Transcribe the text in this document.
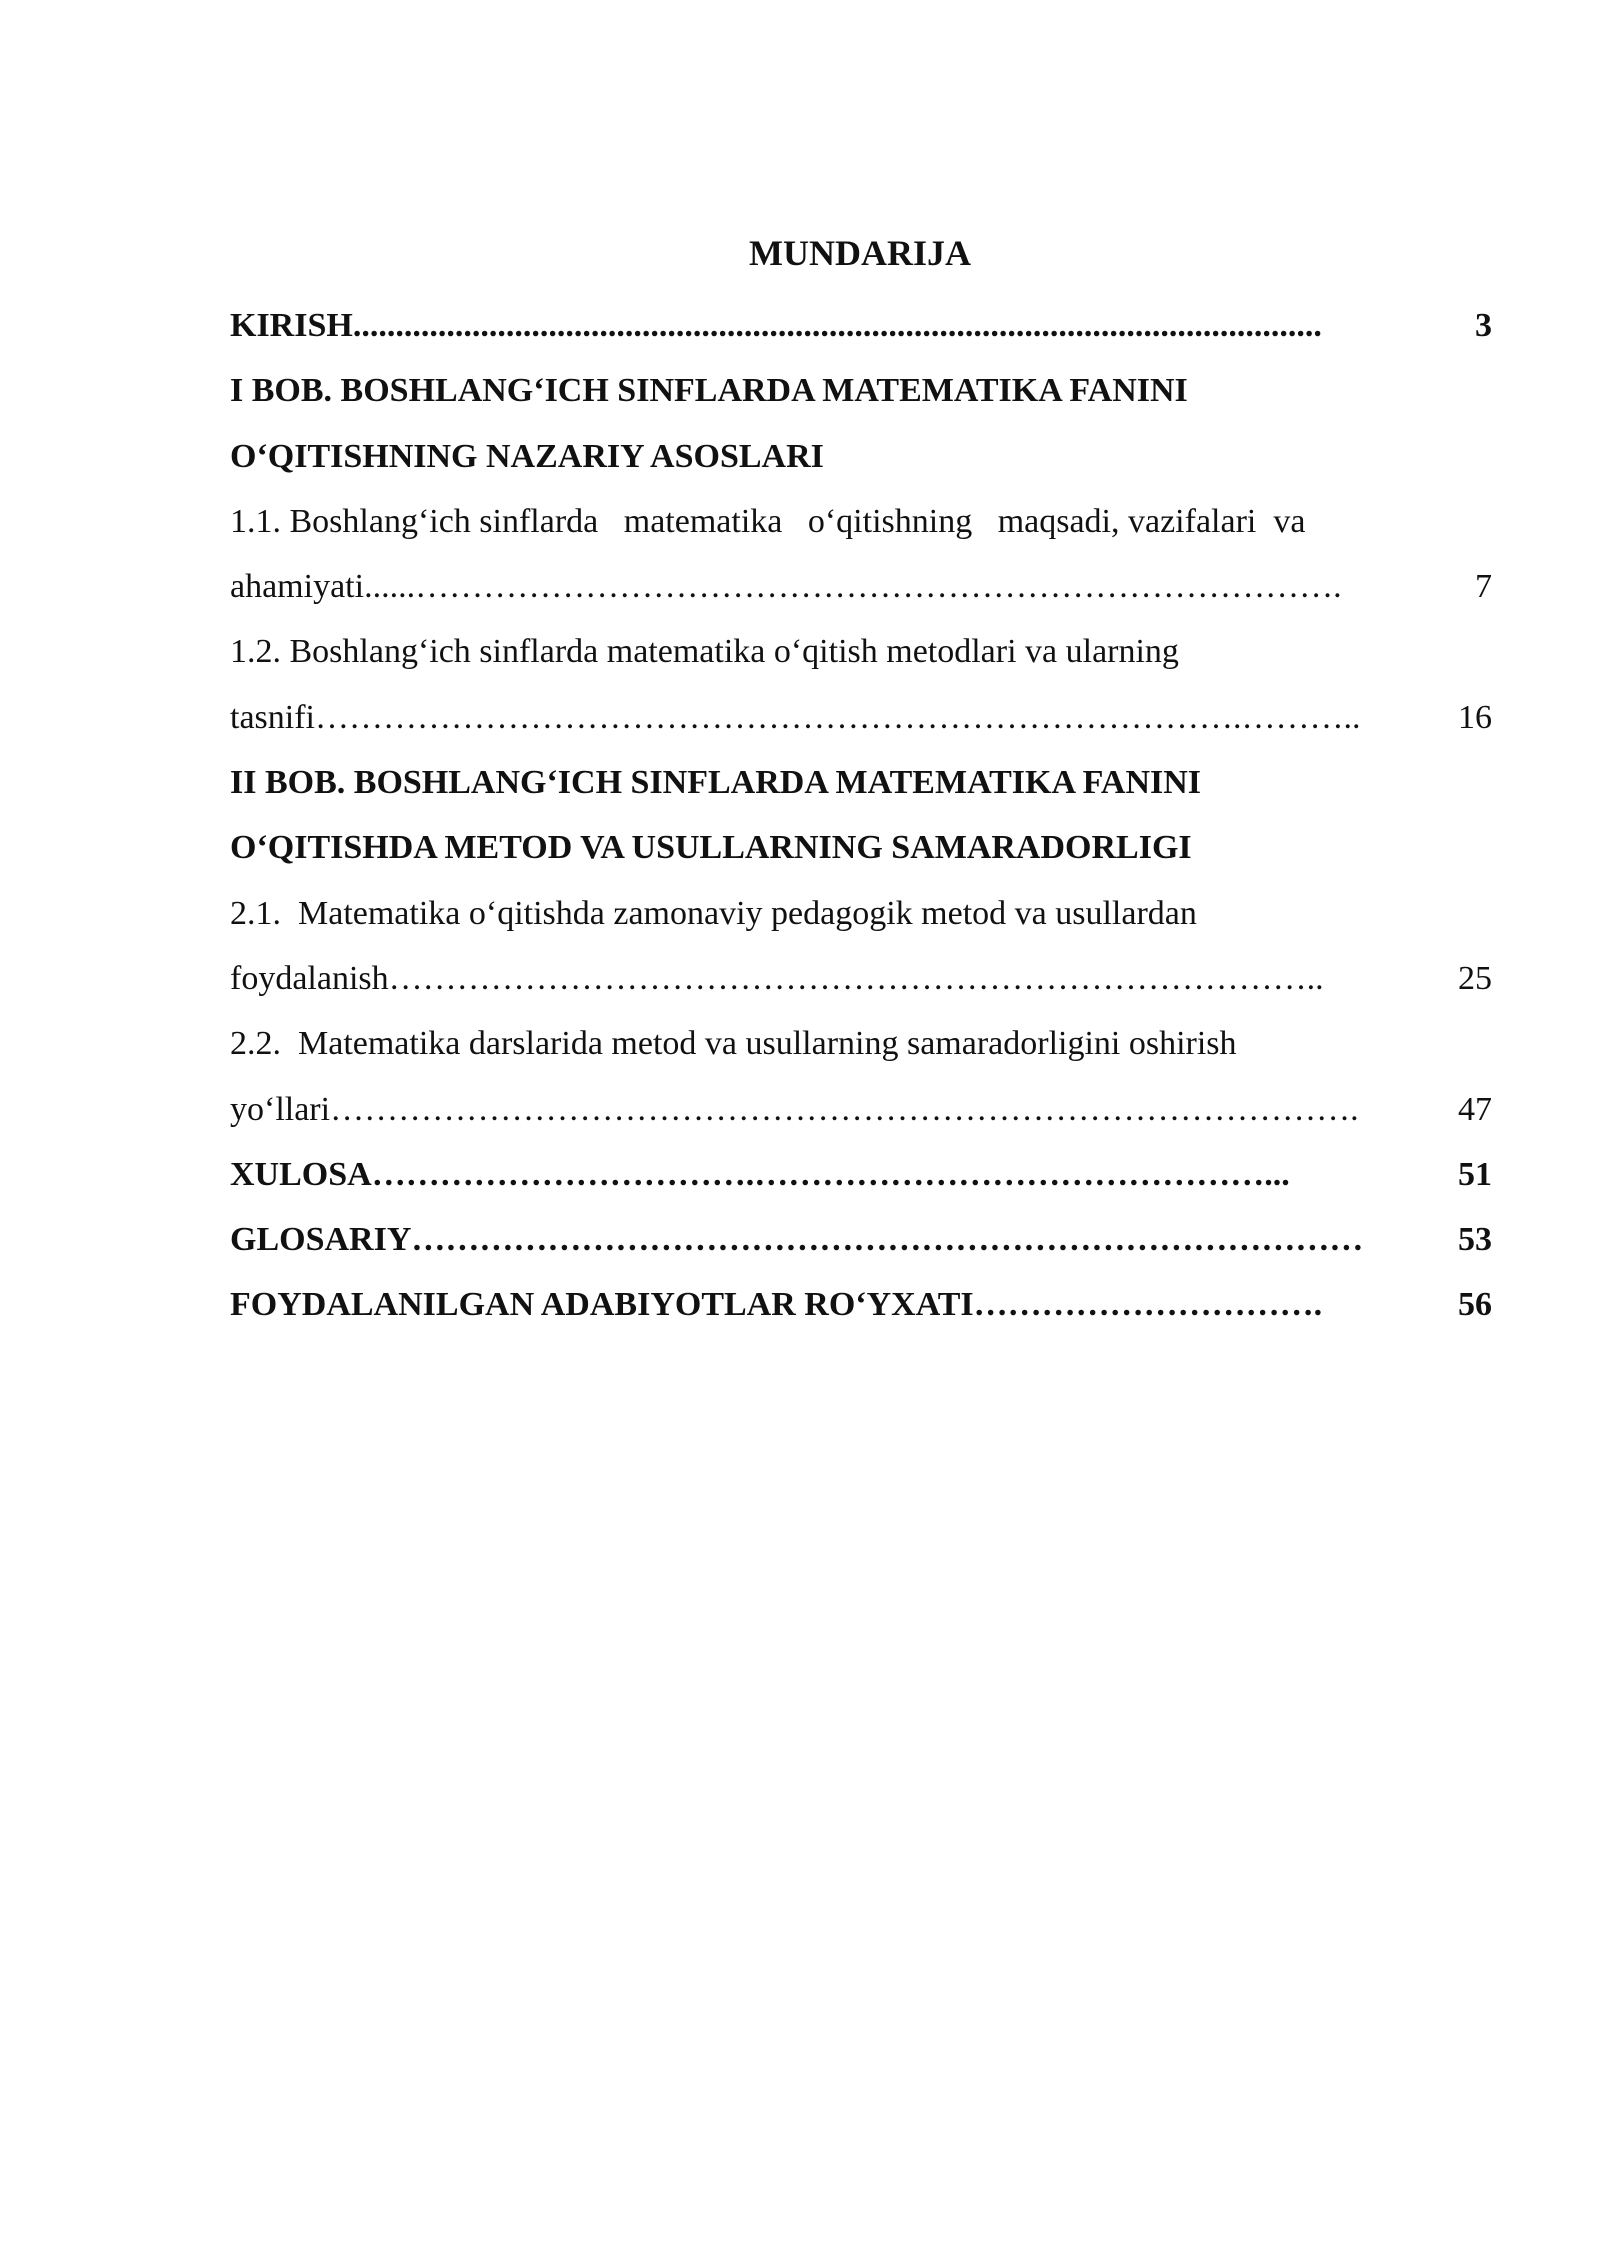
MUNDARIJA
KIRISH ..................................................................................................................	3
I BOB. BOSHLANG‘ICH SINFLARDA MATEMATIKA FANINI
O‘QITISHNING NAZARIY ASOSLARI
1.1. Boshlang‘ich sinflarda   matematika   o‘qitishning   maqsadi, vazifalari  va
ahamiyati ......……………………………………………………………………….	7
1.2. Boshlang‘ich sinflarda matematika o‘qitish metodlari va ularning
tasnifi ……………………………………………………………………….………..	16
II BOB. BOSHLANG‘ICH SINFLARDA MATEMATIKA FANINI
O‘QITISHDA METOD VA USULLARNING SAMARADORLIGI
2.1.  Matematika o‘qitishda zamonaviy pedagogik metod va usullardan
foydalanish ………………………………………………………………………..	25
2.2.  Matematika darslarida metod va usullarning samaradorligini oshirish
yo‘llari ……………………………………………………………………………….	47
XULOSA …………………………….………………………………………...	51
GLOSARIY …………………………………………………………………………	53
FOYDALANILGAN ADABIYOTLAR RO‘YXATI ………………………….	56
